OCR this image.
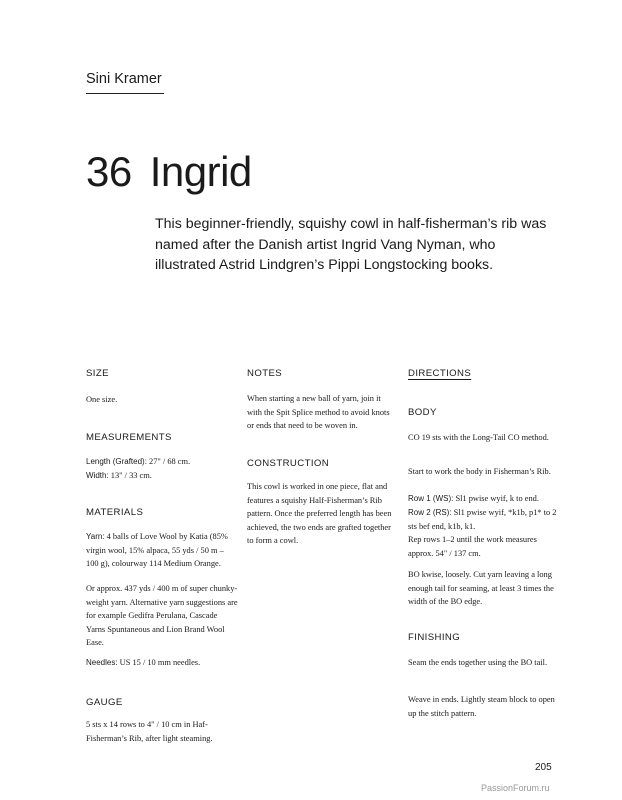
Sini Kramer
36 Ingrid
This beginner-friendly, squishy cowl in half-fisherman’s rib was named after the Danish artist Ingrid Vang Nyman, who illustrated Astrid Lindgren’s Pippi Longstocking books.
SIZE
One size.
MEASUREMENTS
Length (Grafted): 27" / 68 cm.
Width: 13" / 33 cm.
MATERIALS
Yarn: 4 balls of Love Wool by Katia (85% virgin wool, 15% alpaca, 55 yds / 50 m – 100 g), colourway 114 Medium Orange.
Or approx. 437 yds / 400 m of super chunky-weight yarn. Alternative yarn suggestions are for example Gedifra Perulana, Cascade Yarns Spuntaneous and Lion Brand Wool Ease.
Needles: US 15 / 10 mm needles.
GAUGE
5 sts x 14 rows to 4" / 10 cm in Haf-Fisherman’s Rib, after light steaming.
NOTES
When starting a new ball of yarn, join it with the Spit Splice method to avoid knots or ends that need to be woven in.
CONSTRUCTION
This cowl is worked in one piece, flat and features a squishy Half-Fisherman’s Rib pattern. Once the preferred length has been achieved, the two ends are grafted together to form a cowl.
DIRECTIONS
BODY
CO 19 sts with the Long-Tail CO method.
Start to work the body in Fisherman’s Rib.
Row 1 (WS): Sl1 pwise wyif, k to end.
Row 2 (RS): Sl1 pwise wyif, *k1b, p1* to 2 sts bef end, k1b, k1.
Rep rows 1–2 until the work measures approx. 54" / 137 cm.
BO kwise, loosely. Cut yarn leaving a long enough tail for seaming, at least 3 times the width of the BO edge.
FINISHING
Seam the ends together using the BO tail.
Weave in ends. Lightly steam block to open up the stitch pattern.
205
PassionForum.ru
